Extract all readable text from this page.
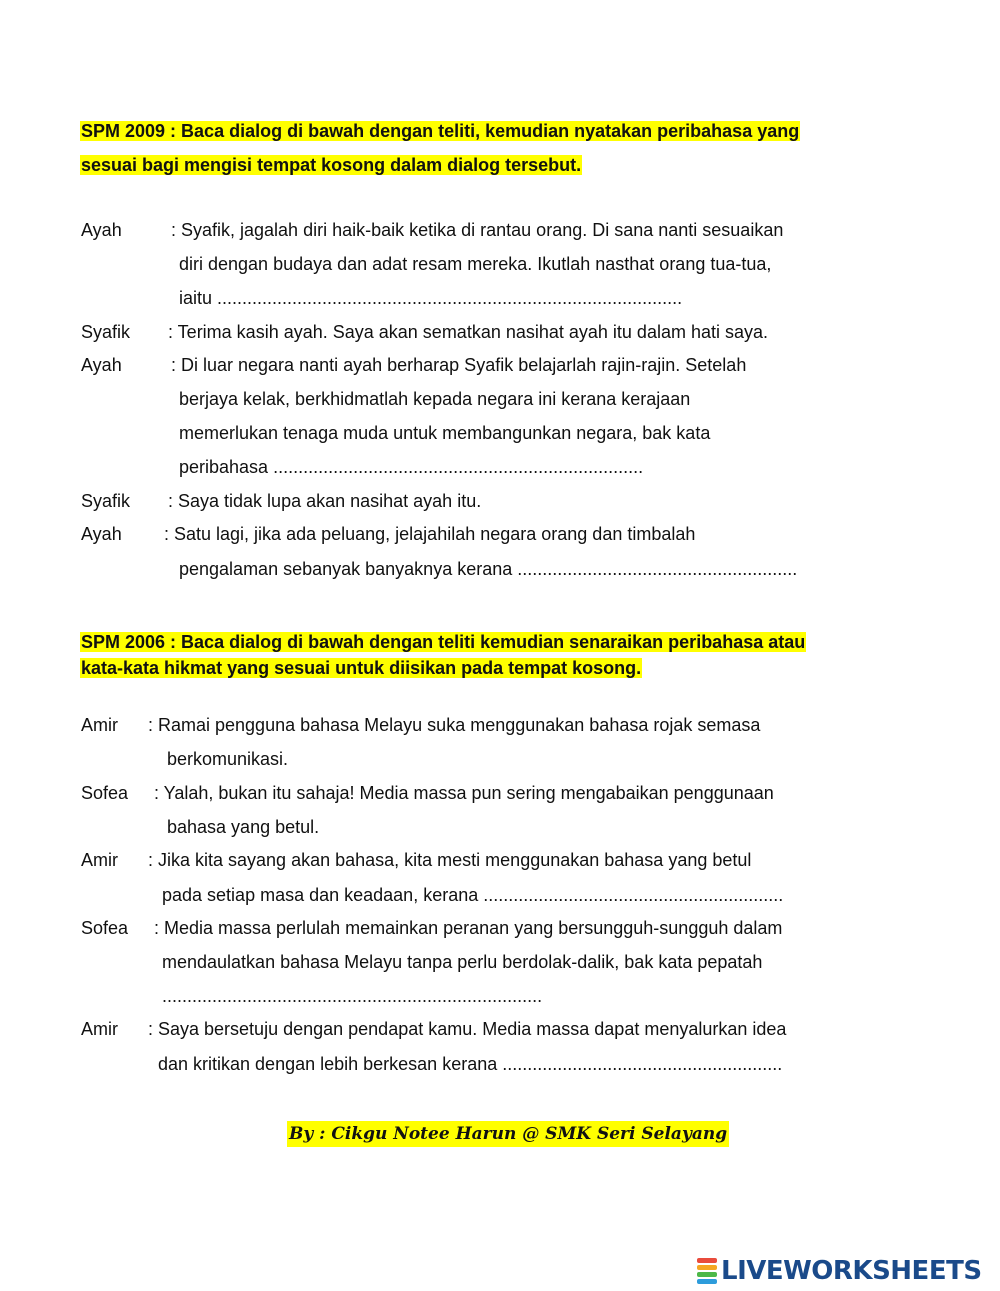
SPM 2009 : Baca dialog di bawah dengan teliti, kemudian nyatakan peribahasa yang
sesuai bagi mengisi tempat kosong dalam dialog tersebut.
Ayah	: Syafik, jagalah diri haik-baik ketika di rantau orang. Di sana nanti sesuaikan
diri dengan budaya dan adat resam mereka. Ikutlah nasthat orang tua-tua,
iaitu .............................................................................................
Syafik : Terima kasih ayah. Saya akan sematkan nasihat ayah itu dalam hati saya.
Ayah	: Di luar negara nanti ayah berharap Syafik belajarlah rajin-rajin. Setelah
berjaya kelak, berkhidmatlah kepada negara ini kerana kerajaan
memerlukan tenaga muda untuk membangunkan negara, bak kata
peribahasa ..........................................................................
Syafik : Saya tidak lupa akan nasihat ayah itu.
Ayah : Satu lagi, jika ada peluang, jelajahilah negara orang dan timbalah
pengalaman sebanyak banyaknya kerana ........................................................
SPM 2006 : Baca dialog di bawah dengan teliti kemudian senaraikan peribahasa atau
kata-kata hikmat yang sesuai untuk diisikan pada tempat kosong.
Amir : Ramai pengguna bahasa Melayu suka menggunakan bahasa rojak semasa
berkomunikasi.
Sofea : Yalah, bukan itu sahaja! Media massa pun sering mengabaikan penggunaan
bahasa yang betul.
Amir : Jika kita sayang akan bahasa, kita mesti menggunakan bahasa yang betul
pada setiap masa dan keadaan, kerana ............................................................
Sofea : Media massa perlulah memainkan peranan yang bersungguh-sungguh dalam
mendaulatkan bahasa Melayu tanpa perlu berdolak-dalik, bak kata pepatah
............................................................................
Amir : Saya bersetuju dengan pendapat kamu. Media massa dapat menyalurkan idea
dan kritikan dengan lebih berkesan kerana ........................................................
By : Cikgu Notee Harun @ SMK Seri Selayang
LIVEWORKSHEETS
